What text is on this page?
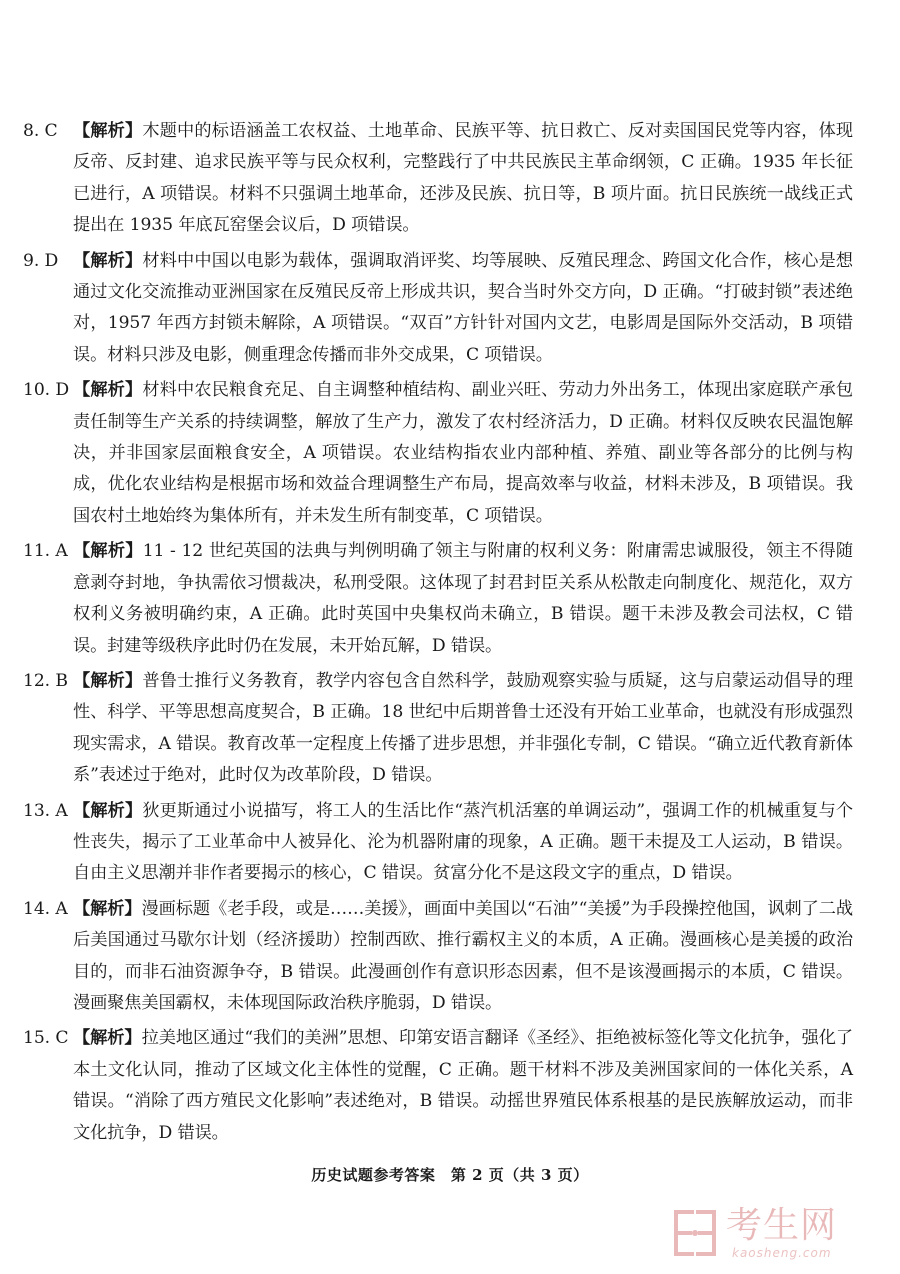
8. C 【解析】木题中的标语涵盖工农权益、土地革命、民族平等、抗日救亡、反对卖国国民党等内容，体现反帝、反封建、追求民族平等与民众权利，完整践行了中共民族民主革命纲领，C 正确。1935 年长征已进行，A 项错误。材料不只强调土地革命，还涉及民族、抗日等，B 项片面。抗日民族统一战线正式提出在 1935 年底瓦窑堡会议后，D 项错误。
9. D 【解析】材料中中国以电影为载体，强调取消评奖、均等展映、反殖民理念、跨国文化合作，核心是想通过文化交流推动亚洲国家在反殖民反帝上形成共识，契合当时外交方向，D 正确。“打破封锁”表述绝对，1957 年西方封锁未解除，A 项错误。“双百”方针针对国内文艺，电影周是国际外交活动，B 项错误。材料只涉及电影，侧重理念传播而非外交成果，C 项错误。
10. D 【解析】材料中农民粮食充足、自主调整种植结构、副业兴旺、劳动力外出务工，体现出家庭联产承包责任制等生产关系的持续调整，解放了生产力，激发了农村经济活力，D 正确。材料仅反映农民温饱解决，并非国家层面粮食安全，A 项错误。农业结构指农业内部种植、养殖、副业等各部分的比例与构成，优化农业结构是根据市场和效益合理调整生产布局，提高效率与收益，材料未涉及，B 项错误。我国农村土地始终为集体所有，并未发生所有制变革，C 项错误。
11. A 【解析】11 - 12 世纪英国的法典与判例明确了领主与附庸的权利义务：附庸需忠诚服役，领主不得随意剥夺封地，争执需依习惯裁决，私刑受限。这体现了封君封臣关系从松散走向制度化、规范化，双方权利义务被明确约束，A 正确。此时英国中央集权尚未确立，B 错误。题干未涉及教会司法权，C 错误。封建等级秩序此时仍在发展，未开始瓦解，D 错误。
12. B 【解析】普鲁士推行义务教育，教学内容包含自然科学，鼓励观察实验与质疑，这与启蒙运动倡导的理性、科学、平等思想高度契合，B 正确。18 世纪中后期普鲁士还没有开始工业革命，也就没有形成强烈现实需求，A 错误。教育改革一定程度上传播了进步思想，并非强化专制，C 错误。“确立近代教育新体系”表述过于绝对，此时仅为改革阶段，D 错误。
13. A 【解析】狄更斯通过小说描写，将工人的生活比作“蒸汽机活塞的单调运动”，强调工作的机械重复与个性丧失，揭示了工业革命中人被异化、沦为机器附庸的现象，A 正确。题干未提及工人运动，B 错误。自由主义思潮并非作者要揭示的核心，C 错误。贫富分化不是这段文字的重点，D 错误。
14. A 【解析】漫画标题《老手段，或是……美援》，画面中美国以“石油”“美援”为手段操控他国，讽刺了二战后美国通过马歇尔计划（经济援助）控制西欧、推行霸权主义的本质，A 正确。漫画核心是美援的政治目的，而非石油资源争夺，B 错误。此漫画创作有意识形态因素，但不是该漫画揭示的本质，C 错误。漫画聚焦美国霸权，未体现国际政治秩序脆弱，D 错误。
15. C 【解析】拉美地区通过“我们的美洲”思想、印第安语言翻译《圣经》、拒绝被标签化等文化抗争，强化了本土文化认同，推动了区域文化主体性的觉醒，C 正确。题干材料不涉及美洲国家间的一体化关系，A 错误。“消除了西方殖民文化影响”表述绝对，B 错误。动摇世界殖民体系根基的是民族解放运动，而非文化抗争，D 错误。
历史试题参考答案　第 2 页（共 3 页）
考生网
kaosheng.com
